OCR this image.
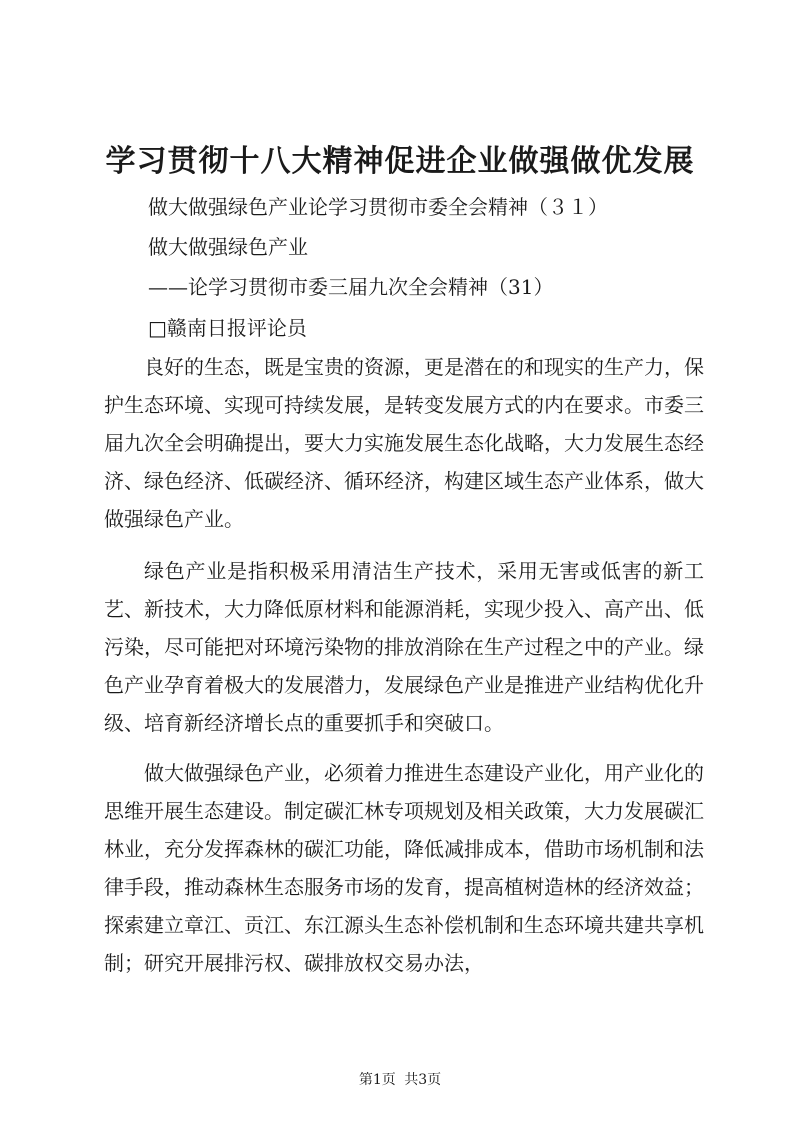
学习贯彻十八大精神促进企业做强做优发展
做大做强绿色产业论学习贯彻市委全会精神（３１）
做大做强绿色产业
——论学习贯彻市委三届九次全会精神（31）
□赣南日报评论员

良好的生态，既是宝贵的资源，更是潜在的和现实的生产力，保护生态环境、实现可持续发展，是转变发展方式的内在要求。市委三届九次全会明确提出，要大力实施发展生态化战略，大力发展生态经济、绿色经济、低碳经济、循环经济，构建区域生态产业体系，做大做强绿色产业。

绿色产业是指积极采用清洁生产技术，采用无害或低害的新工艺、新技术，大力降低原材料和能源消耗，实现少投入、高产出、低污染，尽可能把对环境污染物的排放消除在生产过程之中的产业。绿色产业孕育着极大的发展潜力，发展绿色产业是推进产业结构优化升级、培育新经济增长点的重要抓手和突破口。

做大做强绿色产业，必须着力推进生态建设产业化，用产业化的思维开展生态建设。制定碳汇林专项规划及相关政策，大力发展碳汇林业，充分发挥森林的碳汇功能，降低减排成本，借助市场机制和法律手段，推动森林生态服务市场的发育，提高植树造林的经济效益；探索建立章江、贡江、东江源头生态补偿机制和生态环境共建共享机制；研究开展排污权、碳排放权交易办法，

第1页 共3页
